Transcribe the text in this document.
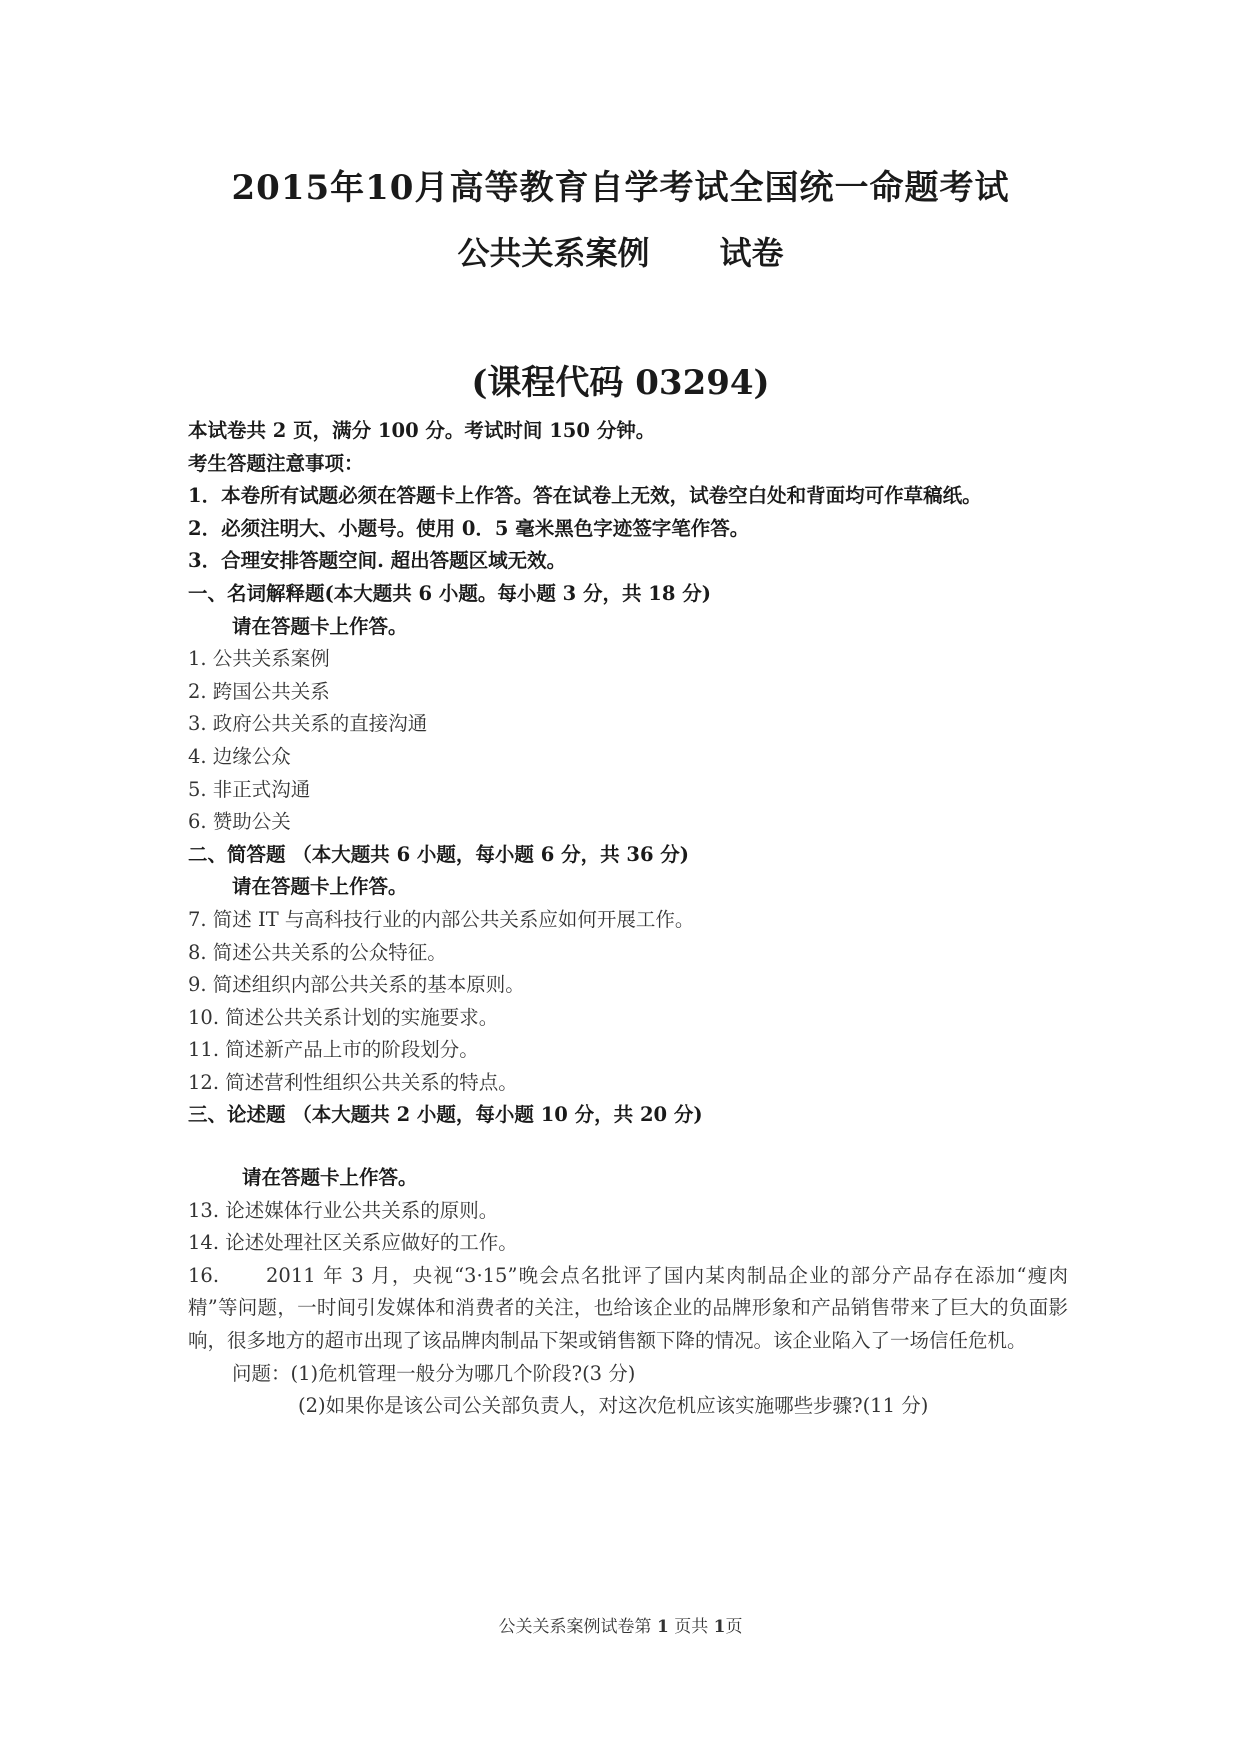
2015年10月高等教育自学考试全国统一命题考试
公共关系案例 试卷
(课程代码 03294)
本试卷共 2 页，满分 100 分。考试时间 150 分钟。
考生答题注意事项：
1．本卷所有试题必须在答题卡上作答。答在试卷上无效，试卷空白处和背面均可作草稿纸。
2．必须注明大、小题号。使用 0．5 毫米黑色字迹签字笔作答。
3．合理安排答题空间. 超出答题区域无效。
一、名词解释题(本大题共 6 小题。每小题 3 分，共 18 分)
请在答题卡上作答。
1. 公共关系案例
2. 跨国公共关系
3. 政府公共关系的直接沟通
4. 边缘公众
5. 非正式沟通
6. 赞助公关
二、简答题 （本大题共 6 小题，每小题 6 分，共 36 分)
请在答题卡上作答。
7. 简述 IT 与高科技行业的内部公共关系应如何开展工作。
8. 简述公共关系的公众特征。
9. 简述组织内部公共关系的基本原则。
10. 简述公共关系计划的实施要求。
11. 简述新产品上市的阶段划分。
12. 简述营利性组织公共关系的特点。
三、论述题 （本大题共 2 小题，每小题 10 分，共 20 分)
请在答题卡上作答。
13. 论述媒体行业公共关系的原则。
14. 论述处理社区关系应做好的工作。
16. 2011 年 3 月，央视“3·15”晚会点名批评了国内某肉制品企业的部分产品存在添加“瘦肉精”等问题，一时间引发媒体和消费者的关注，也给该企业的品牌形象和产品销售带来了巨大的负面影响，很多地方的超市出现了该品牌肉制品下架或销售额下降的情况。该企业陷入了一场信任危机。
问题：(1)危机管理一般分为哪几个阶段?(3 分)
(2)如果你是该公司公关部负责人，对这次危机应该实施哪些步骤?(11 分)
公关关系案例试卷第 1 页共 1页
